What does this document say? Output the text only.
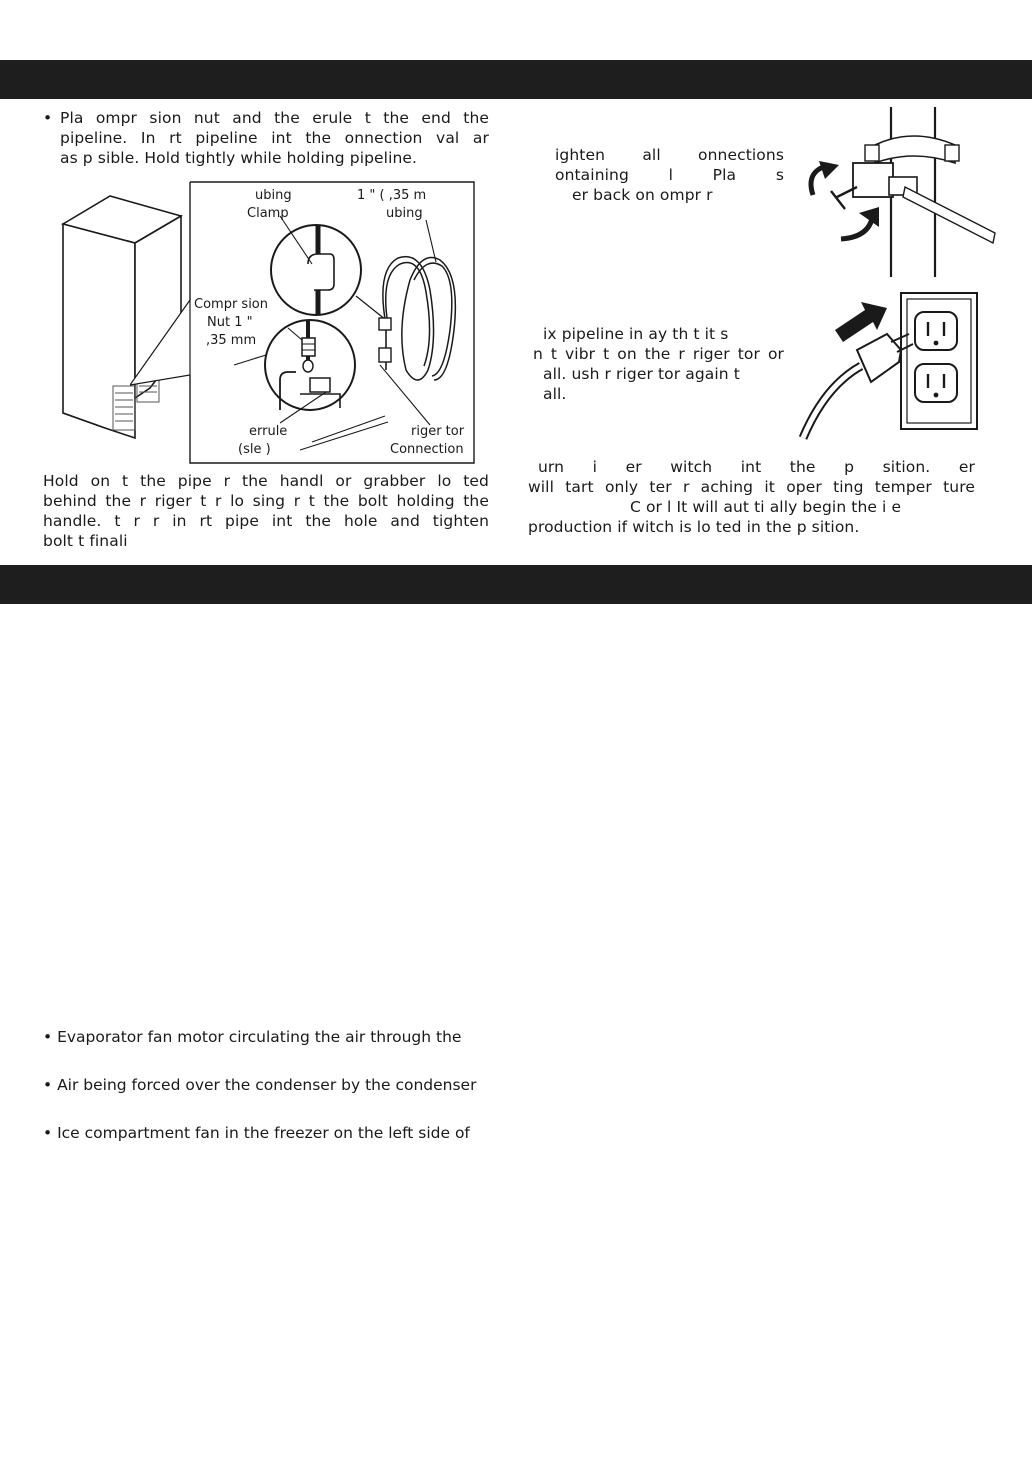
• Pla ompr sion nut and the erule t the end the
pipeline. In rt pipeline int the onnection val ar
as p sible. Hold tightly while holding pipeline.
ubing	1 " ( ,35 m
Clamp	ubing
Compr sion
Nut 1 "
,35 mm
errule
(sle )
riger tor
Connection
Hold on t the pipe r the handl or grabber lo ted
behind the r riger t r lo sing r t the bolt holding the
handle. t r r in rt pipe int the hole and tighten
bolt t finali
ighten all onnections
ontaining l Pla s
er back on ompr r
ix pipeline in ay th t it s
n t vibr t on the r riger tor or
all. ush r riger tor again t
all.
urn i er witch int the p sition. er
will tart only ter r aching it oper ting temper ture
C or l It will aut ti ally begin the i e
production if witch is lo ted in the p sition.
• Evaporator fan motor circulating the air through the
• Air being forced over the condenser by the condenser
• Ice compartment fan in the freezer on the left side of
